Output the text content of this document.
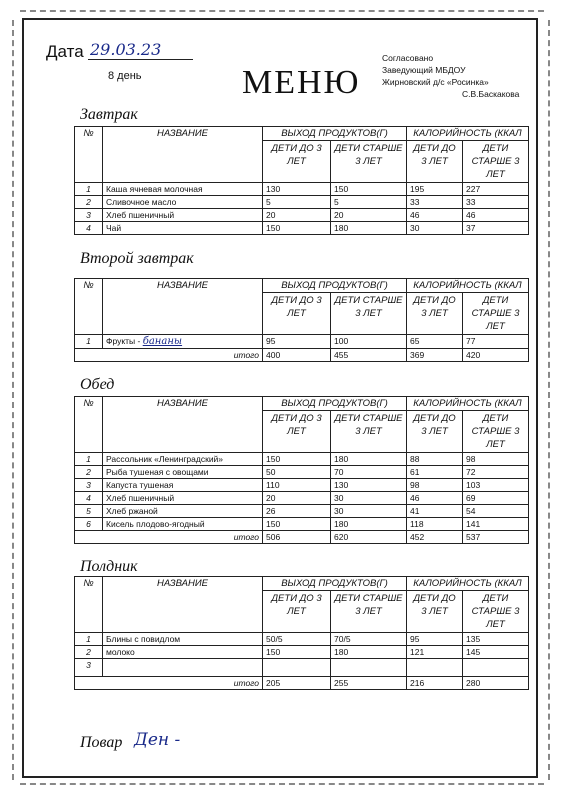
Дата 29.03.23
8 день	МЕНЮ
Согласовано
Заведующий МБДОУ
Жирновский д/с «Росинка»
С.В.Баскакова
Завтрак
№	НАЗВАНИЕ	ВЫХОД ПРОДУКТОВ(Г)		КАЛОРИЙНОСТЬ (ККАЛ	
		ДЕТИ ДО 3 ЛЕТ	ДЕТИ СТАРШЕ 3 ЛЕТ	ДЕТИ ДО 3 ЛЕТ	ДЕТИ СТАРШЕ 3 ЛЕТ
1	Каша ячневая молочная	130	150	195	227
2	Сливочное масло	5	5	33	33
3	Хлеб пшеничный	20	20	46	46
4	Чай	150	180	30	37
Второй завтрак
№	НАЗВАНИЕ	ВЫХОД ПРОДУКТОВ(Г)		КАЛОРИЙНОСТЬ (ККАЛ	
		ДЕТИ ДО 3 ЛЕТ	ДЕТИ СТАРШЕ 3 ЛЕТ	ДЕТИ ДО 3 ЛЕТ	ДЕТИ СТАРШЕ 3 ЛЕТ
1	Фрукты - бананы	95	100	65	77
итого		400	455	369	420
Обед
№	НАЗВАНИЕ	ВЫХОД ПРОДУКТОВ(Г)		КАЛОРИЙНОСТЬ (ККАЛ	
		ДЕТИ ДО 3 ЛЕТ	ДЕТИ СТАРШЕ 3 ЛЕТ	ДЕТИ ДО 3 ЛЕТ	ДЕТИ СТАРШЕ 3 ЛЕТ
1	Рассольник «Ленинградский»	150	180	88	98
2	Рыба тушеная с овощами	50	70	61	72
3	Капуста тушеная	110	130	98	103
4	Хлеб пшеничный	20	30	46	69
5	Хлеб ржаной	26	30	41	54
6	Кисель плодово-ягодный	150	180	118	141
итого		506	620	452	537
Полдник
№	НАЗВАНИЕ	ВЫХОД ПРОДУКТОВ(Г)		КАЛОРИЙНОСТЬ (ККАЛ	
		ДЕТИ ДО 3 ЛЕТ	ДЕТИ СТАРШЕ 3 ЛЕТ	ДЕТИ ДО 3 ЛЕТ	ДЕТИ СТАРШЕ 3 ЛЕТ
1	Блины с повидлом	50/5	70/5	95	135
2	молоко	150	180	121	145
3					
итого		205	255	216	280
Повар Ден -
